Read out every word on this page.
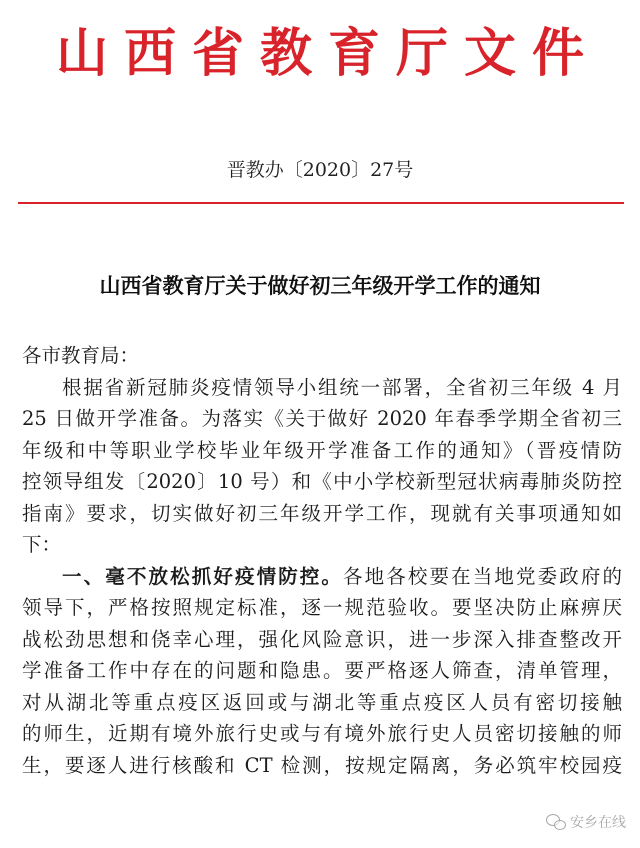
山西省教育厅文件
晋教办〔2020〕27号
山西省教育厅关于做好初三年级开学工作的通知
各市教育局：
根据省新冠肺炎疫情领导小组统一部署，全省初三年级 4 月
25 日做开学准备。为落实《关于做好 2020 年春季学期全省初三
年级和中等职业学校毕业年级开学准备工作的通知》（晋疫情防
控领导组发〔2020〕10 号）和《中小学校新型冠状病毒肺炎防控
指南》要求，切实做好初三年级开学工作，现就有关事项通知如
下：
一、毫不放松抓好疫情防控。各地各校要在当地党委政府的
领导下，严格按照规定标准，逐一规范验收。要坚决防止麻痹厌
战松劲思想和侥幸心理，强化风险意识，进一步深入排查整改开
学准备工作中存在的问题和隐患。要严格逐人筛查，清单管理，
对从湖北等重点疫区返回或与湖北等重点疫区人员有密切接触
的师生，近期有境外旅行史或与有境外旅行史人员密切接触的师
生，要逐人进行核酸和 CT 检测，按规定隔离，务必筑牢校园疫
安乡在线
